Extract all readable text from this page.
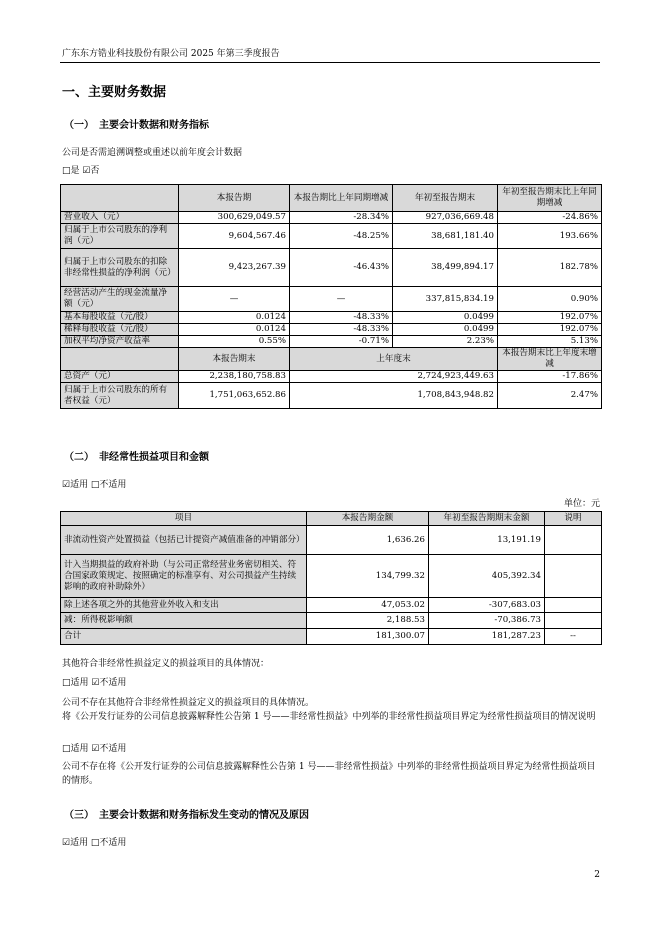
广东东方锆业科技股份有限公司 2025 年第三季度报告
一、主要财务数据
（一）　主要会计数据和财务指标
公司是否需追溯调整或重述以前年度会计数据
□是 ☑否
	本报告期	本报告期比上年同期增减	年初至报告期末	年初至报告期末比上年同期增减
营业收入（元）	300,629,049.57	-28.34%	927,036,669.48	-24.86%
归属于上市公司股东的净利润（元）	9,604,567.46	-48.25%	38,681,181.40	193.66%
归属于上市公司股东的扣除非经常性损益的净利润（元）	9,423,267.39	-46.43%	38,499,894.17	182.78%
经营活动产生的现金流量净额（元）	—	—	337,815,834.19	0.90%
基本每股收益（元/股）	0.0124	-48.33%	0.0499	192.07%
稀释每股收益（元/股）	0.0124	-48.33%	0.0499	192.07%
加权平均净资产收益率	0.55%	-0.71%	2.23%	5.13%
	本报告期末	上年度末		本报告期末比上年度末增减
总资产（元）	2,238,180,758.83	2,724,923,449.63		-17.86%
归属于上市公司股东的所有者权益（元）	1,751,063,652.86	1,708,843,948.82		2.47%
（二）　非经常性损益项目和金额
☑适用 □不适用
单位：元
项目	本报告期金额	年初至报告期期末金额	说明
非流动性资产处置损益（包括已计提资产减值准备的冲销部分）	1,636.26	13,191.19	
计入当期损益的政府补助（与公司正常经营业务密切相关、符合国家政策规定、按照确定的标准享有、对公司损益产生持续影响的政府补助除外）	134,799.32	405,392.34	
除上述各项之外的其他营业外收入和支出	47,053.02	-307,683.03	
减：所得税影响额	2,188.53	-70,386.73	
合计	181,300.07	181,287.23	--
其他符合非经常性损益定义的损益项目的具体情况：
□适用 ☑不适用
公司不存在其他符合非经常性损益定义的损益项目的具体情况。
将《公开发行证券的公司信息披露解释性公告第 1 号——非经常性损益》中列举的非经常性损益项目界定为经常性损益项目的情况说明
□适用 ☑不适用
公司不存在将《公开发行证券的公司信息披露解释性公告第 1 号——非经常性损益》中列举的非经常性损益项目界定为经常性损益项目的情形。
（三）　主要会计数据和财务指标发生变动的情况及原因
☑适用 □不适用
2
